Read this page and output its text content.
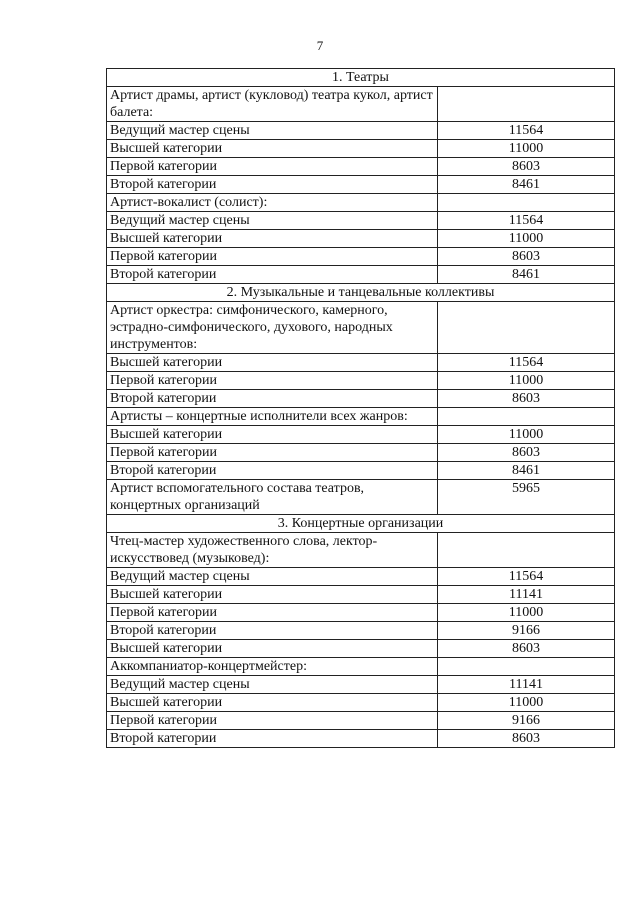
7
1. Театры	
Артист драмы, артист (кукловод) театра кукол, артист балета:	
Ведущий мастер сцены	11564
Высшей категории	11000
Первой категории	8603
Второй категории	8461
Артист-вокалист (солист):	
Ведущий мастер сцены	11564
Высшей категории	11000
Первой категории	8603
Второй категории	8461
2. Музыкальные и танцевальные коллективы	
Артист оркестра: симфонического, камерного, эстрадно-симфонического, духового, народных инструментов:	
Высшей категории	11564
Первой категории	11000
Второй категории	8603
Артисты – концертные исполнители всех жанров:	
Высшей категории	11000
Первой категории	8603
Второй категории	8461
Артист вспомогательного состава театров, концертных организаций	5965
3. Концертные организации	
Чтец-мастер художественного слова, лектор-искусствовед (музыковед):	
Ведущий мастер сцены	11564
Высшей категории	11141
Первой категории	11000
Второй категории	9166
Высшей категории	8603
Аккомпаниатор-концертмейстер:	
Ведущий мастер сцены	11141
Высшей категории	11000
Первой категории	9166
Второй категории	8603
